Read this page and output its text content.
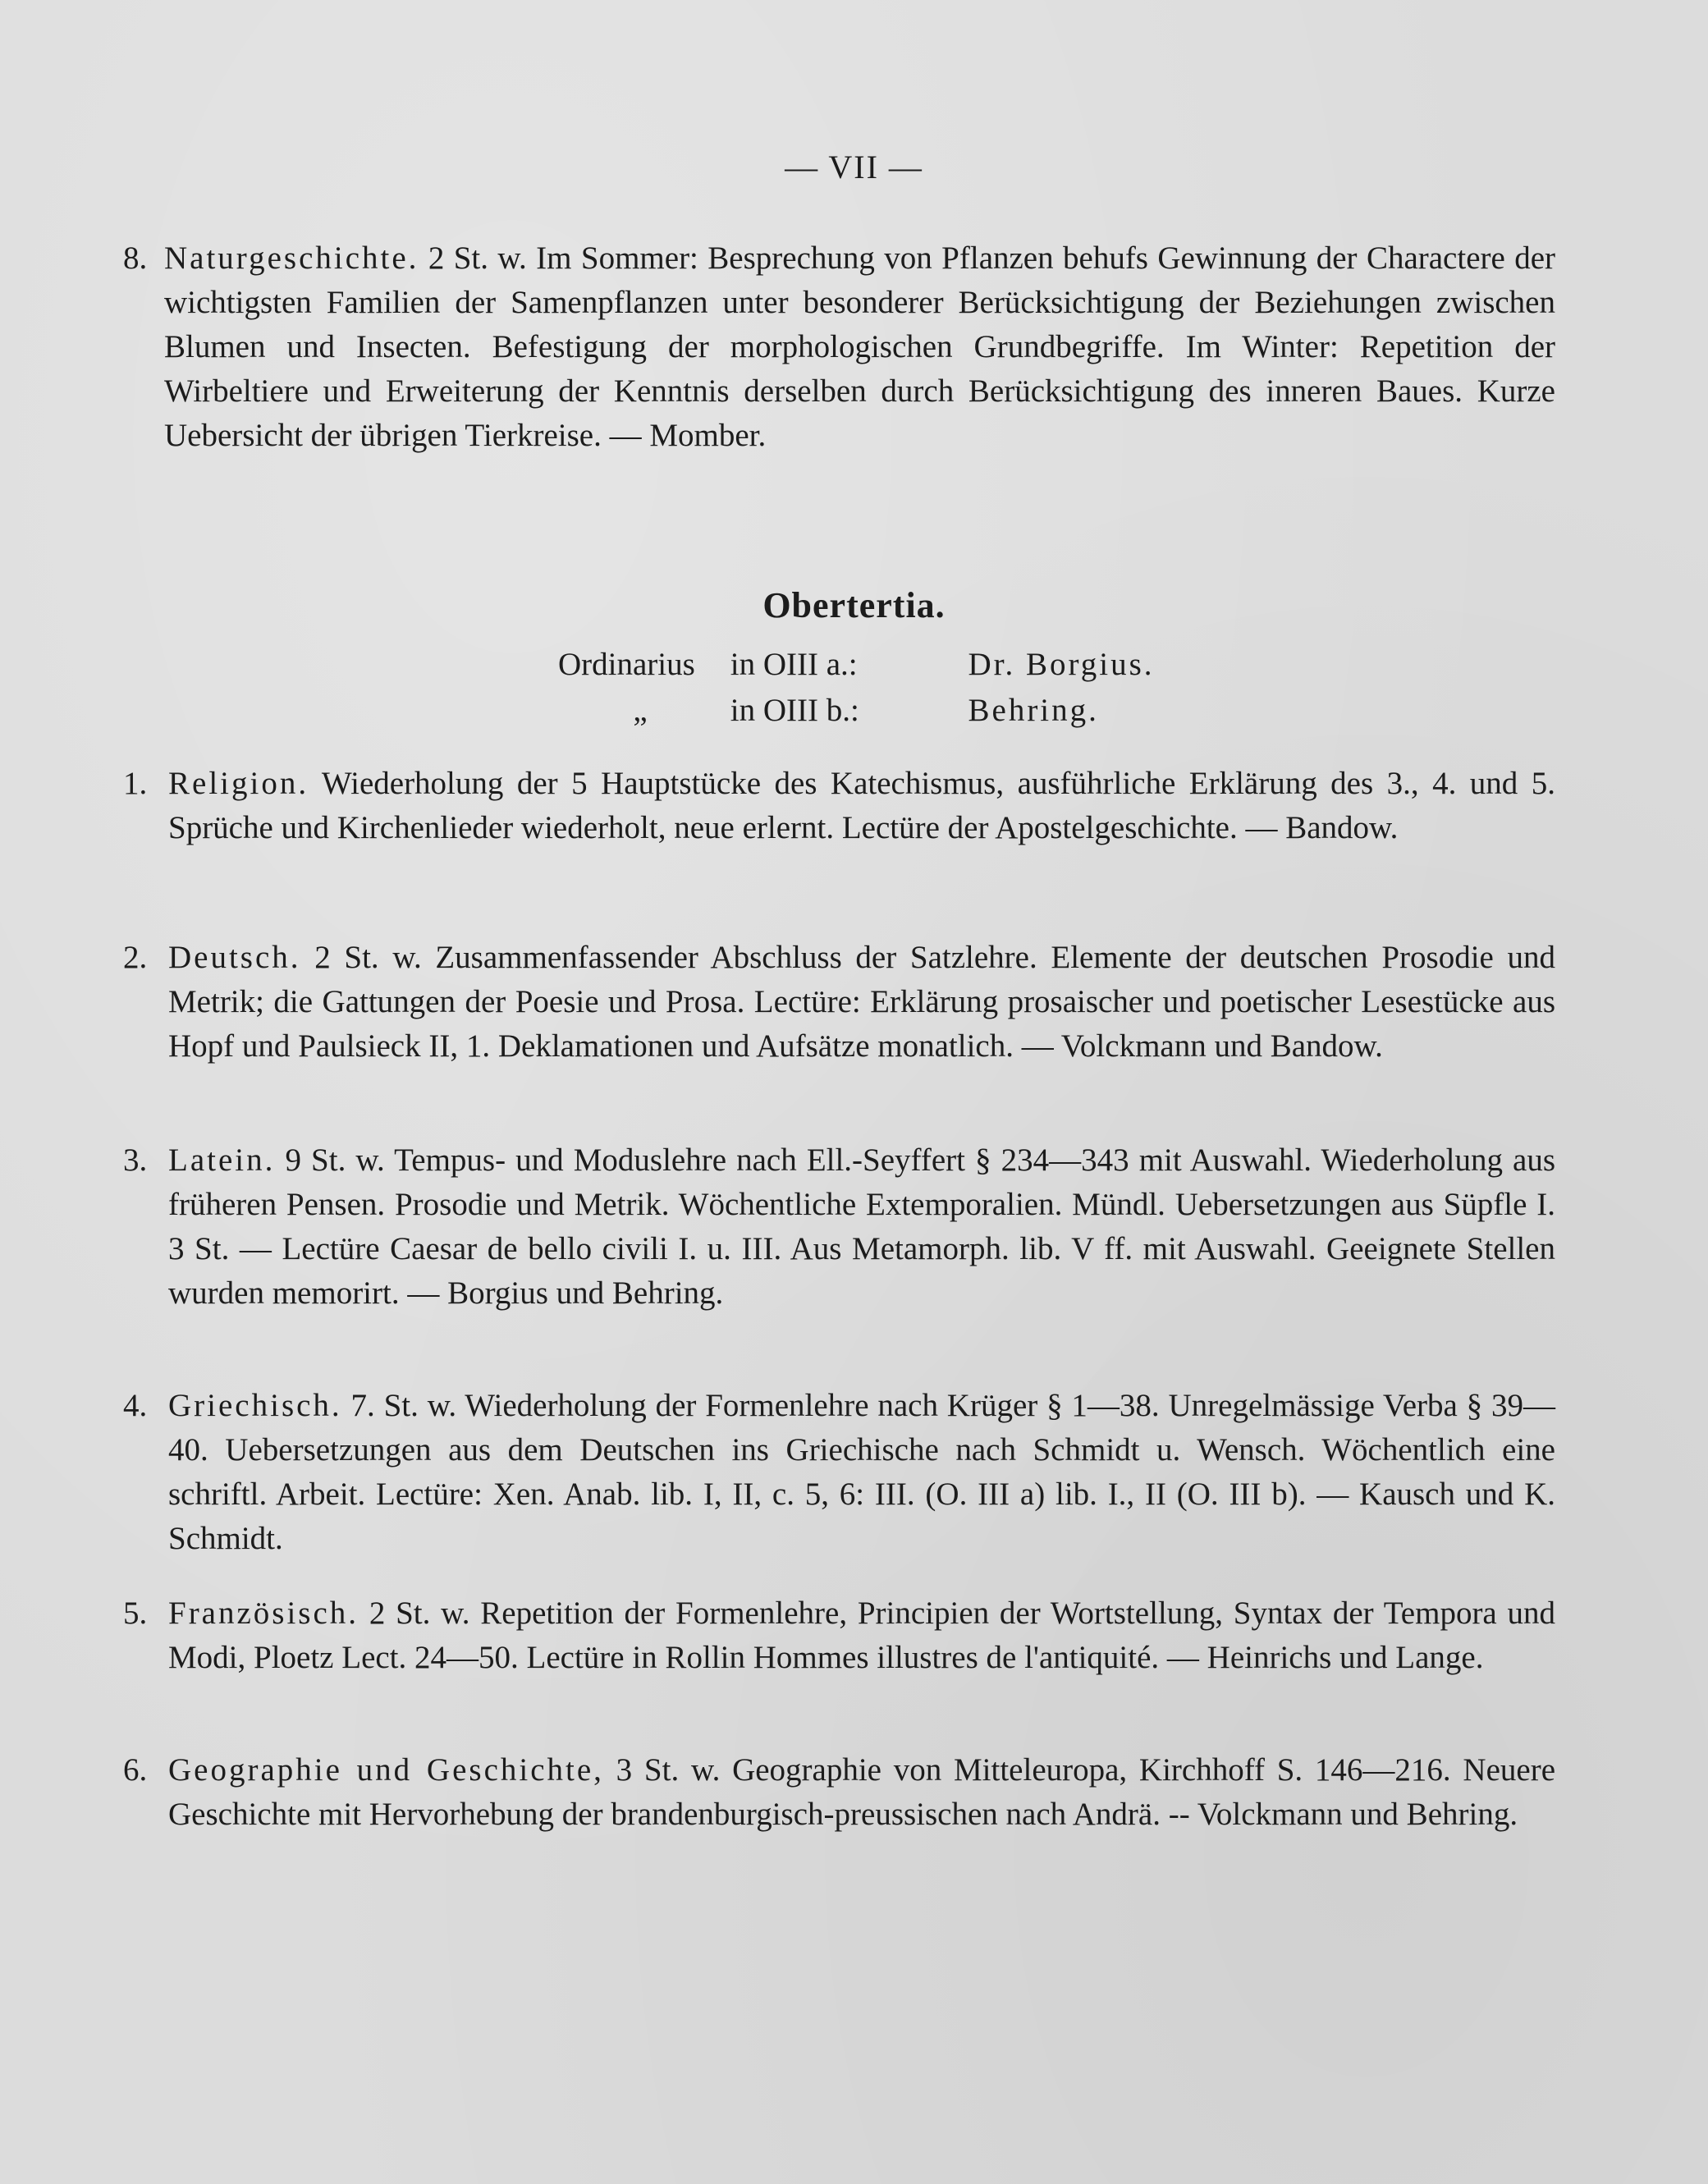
— VII —
8. Naturgeschichte. 2 St. w. Im Sommer: Besprechung von Pflanzen behufs Gewinnung der Charactere der wichtigsten Familien der Samenpflanzen unter besonderer Berücksichtigung der Beziehungen zwischen Blumen und Insecten. Befestigung der morphologischen Grundbegriffe. Im Winter: Repetition der Wirbeltiere und Erweiterung der Kenntnis derselben durch Berücksichtigung des inneren Baues. Kurze Uebersicht der übrigen Tierkreise. — Momber.
Obertertia.
Ordinarius in OIII a.:	Dr. Borgius.
„	in OIII b.:	Behring.
1. Religion. Wiederholung der 5 Hauptstücke des Katechismus, ausführliche Erklärung des 3., 4. und 5. Sprüche und Kirchenlieder wiederholt, neue erlernt. Lectüre der Apostelgeschichte. — Bandow.
2. Deutsch. 2 St. w. Zusammenfassender Abschluss der Satzlehre. Elemente der deutschen Prosodie und Metrik; die Gattungen der Poesie und Prosa. Lectüre: Erklärung prosaischer und poetischer Lesestücke aus Hopf und Paulsieck II, 1. Deklamationen und Aufsätze monatlich. — Volckmann und Bandow.
3. Latein. 9 St. w. Tempus- und Moduslehre nach Ell.-Seyffert § 234—343 mit Auswahl. Wiederholung aus früheren Pensen. Prosodie und Metrik. Wöchentliche Extemporalien. Mündl. Uebersetzungen aus Süpfle I. 3 St. — Lectüre Caesar de bello civili I. u. III. Aus Metamorph. lib. V ff. mit Auswahl. Geeignete Stellen wurden memorirt. — Borgius und Behring.
4. Griechisch. 7. St. w. Wiederholung der Formenlehre nach Krüger § 1—38. Unregelmässige Verba § 39—40. Uebersetzungen aus dem Deutschen ins Griechische nach Schmidt u. Wensch. Wöchentlich eine schriftl. Arbeit. Lectüre: Xen. Anab. lib. I, II, c. 5, 6: III. (O. III a) lib. I., II (O. III b). — Kausch und K. Schmidt.
5. Französisch. 2 St. w. Repetition der Formenlehre, Principien der Wortstellung, Syntax der Tempora und Modi, Ploetz Lect. 24—50. Lectüre in Rollin Hommes illustres de l'antiquité. — Heinrichs und Lange.
6. Geographie und Geschichte, 3 St. w. Geographie von Mitteleuropa, Kirchhoff S. 146—216. Neuere Geschichte mit Hervorhebung der brandenburgisch-preussischen nach Andrä. -- Volckmann und Behring.
